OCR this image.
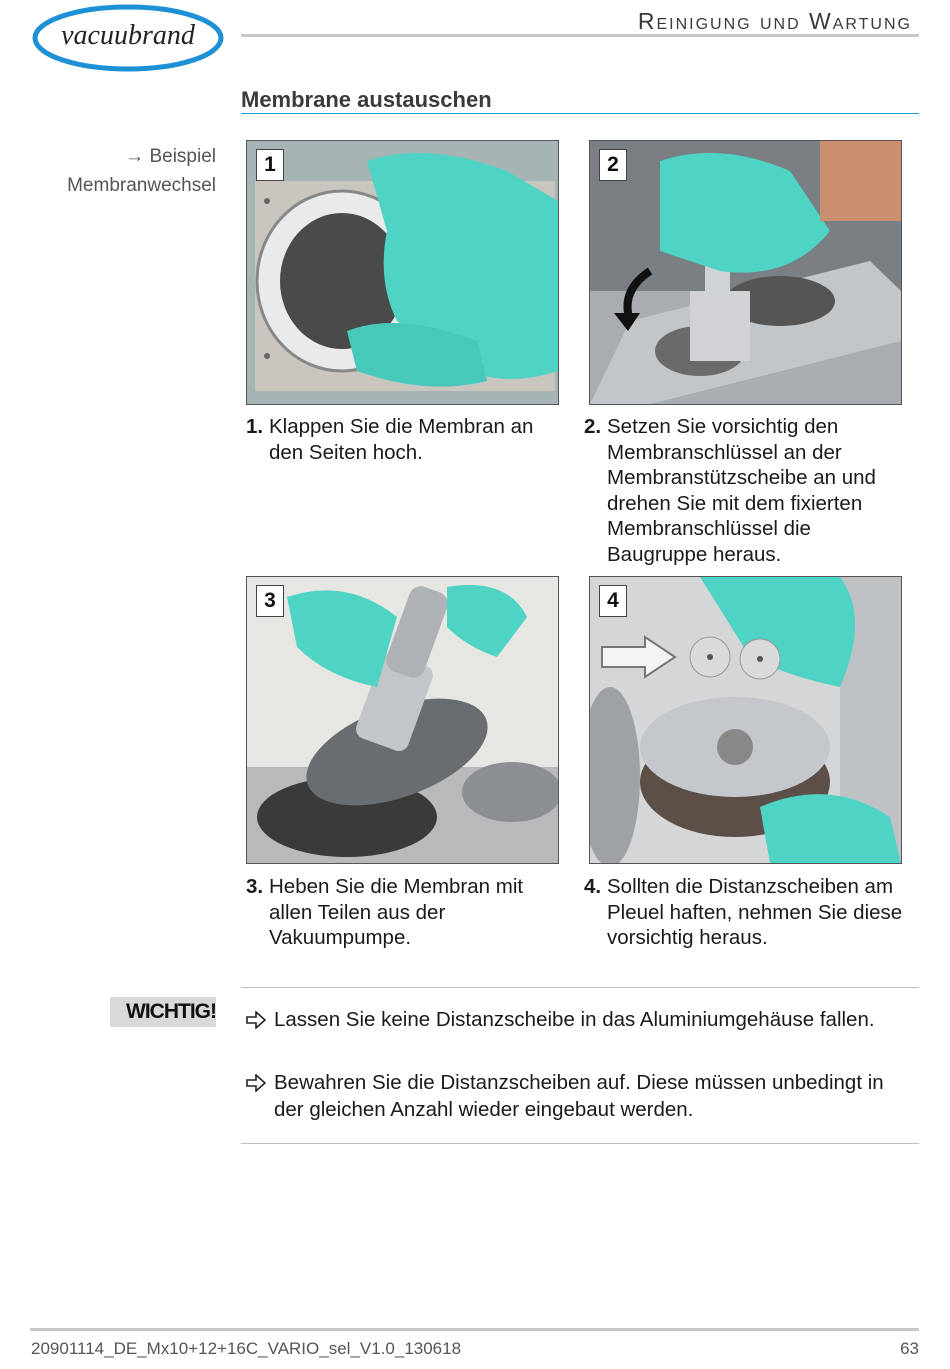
vacuubrand	Reinigung und Wartung
Membrane austauschen
→ Beispiel
Membranwechsel
1	2
1. Klappen Sie die Membran an den Seiten hoch.
2. Setzen Sie vorsichtig den Membranschlüssel an der Membranstützscheibe an und drehen Sie mit dem fixierten Membranschlüssel die Baugruppe heraus.
3	4
3. Heben Sie die Membran mit allen Teilen aus der Vakuumpumpe.
4. Sollten die Distanzscheiben am Pleuel haften, nehmen Sie diese vorsichtig heraus.
WICHTIG!	Lassen Sie keine Distanzscheibe in das Aluminiumgehäuse fallen.
Bewahren Sie die Distanzscheiben auf. Diese müssen unbedingt in der gleichen Anzahl wieder eingebaut werden.
20901114_DE_Mx10+12+16C_VARIO_sel_V1.0_130618	63
